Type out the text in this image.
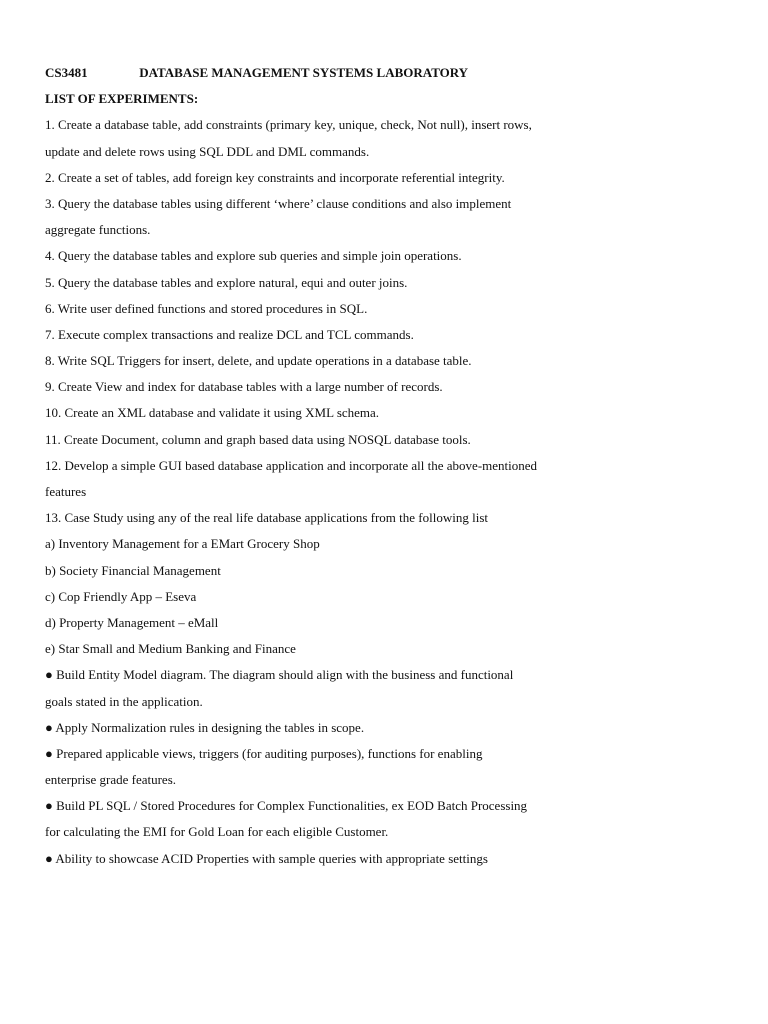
CS3481	DATABASE MANAGEMENT SYSTEMS LABORATORY
LIST OF EXPERIMENTS:
1. Create a database table, add constraints (primary key, unique, check, Not null), insert rows,
update and delete rows using SQL DDL and DML commands.
2. Create a set of tables, add foreign key constraints and incorporate referential integrity.
3. Query the database tables using different ‘where’ clause conditions and also implement
aggregate functions.
4. Query the database tables and explore sub queries and simple join operations.
5. Query the database tables and explore natural, equi and outer joins.
6. Write user defined functions and stored procedures in SQL.
7. Execute complex transactions and realize DCL and TCL commands.
8. Write SQL Triggers for insert, delete, and update operations in a database table.
9. Create View and index for database tables with a large number of records.
10. Create an XML database and validate it using XML schema.
11. Create Document, column and graph based data using NOSQL database tools.
12. Develop a simple GUI based database application and incorporate all the above-mentioned
features
13. Case Study using any of the real life database applications from the following list
a) Inventory Management for a EMart Grocery Shop
b) Society Financial Management
c) Cop Friendly App – Eseva
d) Property Management – eMall
e) Star Small and Medium Banking and Finance
● Build Entity Model diagram. The diagram should align with the business and functional
goals stated in the application.
● Apply Normalization rules in designing the tables in scope.
● Prepared applicable views, triggers (for auditing purposes), functions for enabling
enterprise grade features.
● Build PL SQL / Stored Procedures for Complex Functionalities, ex EOD Batch Processing
for calculating the EMI for Gold Loan for each eligible Customer.
● Ability to showcase ACID Properties with sample queries with appropriate settings
